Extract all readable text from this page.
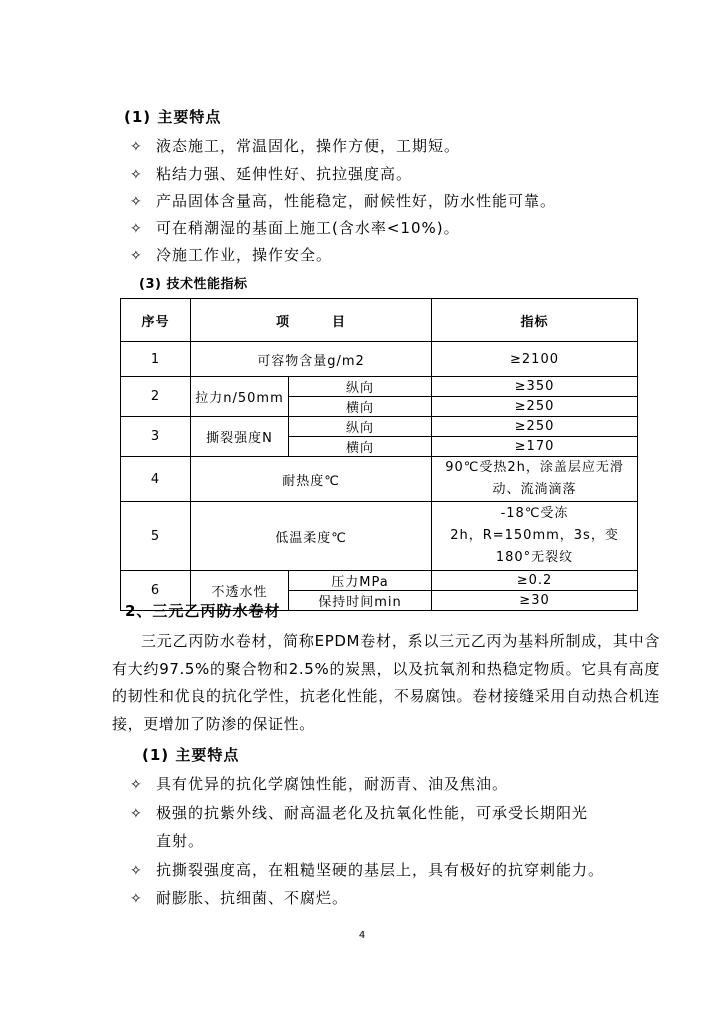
(1) 主要特点
✧ 液态施工，常温固化，操作方便，工期短。
✧ 粘结力强、延伸性好、抗拉强度高。
✧ 产品固体含量高，性能稳定，耐候性好，防水性能可靠。
✧ 可在稍潮湿的基面上施工(含水率<10%)。
✧ 冷施工作业，操作安全。
(3) 技术性能指标
序号	项　　　目		指标
1	可容物含量g/m2		≥2100
2	拉力n/50mm	纵向	≥350
		横向	≥250
3	撕裂强度N	纵向	≥250
		横向	≥170
4	耐热度℃		90℃受热2h，涂盖层应无滑
动、流淌滴落

5	低温柔度℃		-18℃受冻
2h，R=150mm，3s，变
180°无裂纹

6	不透水性	压力MPa	≥0.2
		保持时间min	≥30
2、三元乙丙防水卷材
三元乙丙防水卷材，简称EPDM卷材，系以三元乙丙为基料所制成，其中含有大约97.5%的聚合物和2.5%的炭黑，以及抗氧剂和热稳定物质。它具有高度的韧性和优良的抗化学性，抗老化性能，不易腐蚀。卷材接缝采用自动热合机连接，更增加了防渗的保证性。
(1) 主要特点
✧ 具有优异的抗化学腐蚀性能，耐沥青、油及焦油。
✧ 极强的抗紫外线、耐高温老化及抗氧化性能，可承受长期阳光
直射。
✧ 抗撕裂强度高，在粗糙坚硬的基层上，具有极好的抗穿刺能力。
✧ 耐膨胀、抗细菌、不腐烂。
4
